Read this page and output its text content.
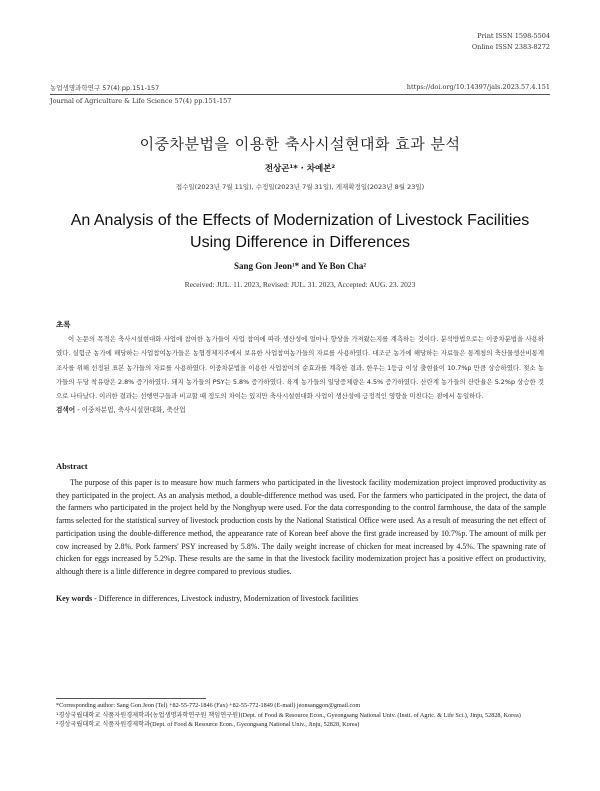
Print ISSN 1598-5504
Online ISSN 2383-8272
농업생명과학연구 57(4) pp.151-157	https://doi.org/10.14397/jals.2023.57.4.151
Journal of Agriculture & Life Science 57(4) pp.151-157
이중차분법을 이용한 축사시설현대화 효과 분석
전상곤¹* · 차예본²
접수일(2023년 7월 11일), 수정일(2023년 7월 31일), 게재확정일(2023년 8월 23일)
An Analysis of the Effects of Modernization of Livestock Facilities
Using Difference in Differences
Sang Gon Jeon¹* and Ye Bon Cha²
Received: JUL. 11. 2023, Revised: JUL. 31. 2023, Accepted: AUG. 23. 2023
초록
이 논문의 목적은 축사시설현대화 사업에 참여한 농가들이 사업 참여에 따라 생산성에 얼마나 향상을 가져왔는지를 계측하는 것이다. 분석방법으로는 이중차분법을 사용하였다. 실험군 농가에 해당하는 사업참여농가들은 농협경제지주에서 보유한 사업참여농가들의 자료를 사용하였다. 대조군 농가에 해당하는 자료들은 통계청의 축산물생산비통계 조사를 위해 선정된 표본 농가들의 자료를 사용하였다. 이중차분법을 이용한 사업참여의 순효과를 계측한 결과, 한우는 1등급 이상 출현율이 10.7%p 만큼 상승하였다. 젖소 농가들의 두당 착유량은 2.8% 증가하였다. 돼지 농가들의 PSY는 5.8% 증가하였다. 육계 농가들의 일당증체량은 4.5% 증가하였다. 산란계 농가들의 산란율은 5.2%p 상승한 것으로 나타났다. 이러한 결과는 선행연구들과 비교할 때 정도의 차이는 있지만 축사시설현대화 사업이 생산성에 긍정적인 영향을 미친다는 점에서 동일하다.
검색어 - 이중차분법, 축사시설현대화, 축산업
Abstract
The purpose of this paper is to measure how much farmers who participated in the livestock facility modernization project improved productivity as they participated in the project. As an analysis method, a double-difference method was used. For the farmers who participated in the project, the data of the farmers who participated in the project held by the Nonghyup were used. For the data corresponding to the control farmhouse, the data of the sample farms selected for the statistical survey of livestock production costs by the National Statistical Office were used. As a result of measuring the net effect of participation using the double-difference method, the appearance rate of Korean beef above the first grade increased by 10.7%p. The amount of milk per cow increased by 2.8%. Pork farmers' PSY increased by 5.8%. The daily weight increase of chicken for meat increased by 4.5%. The spawning rate of chicken for eggs increased by 5.2%p. These results are the same in that the livestock facility modernization project has a positive effect on productivity, although there is a little difference in degree compared to previous studies.
Key words - Difference in differences, Livestock industry, Modernization of livestock facilities
*Corresponding author: Sang Gon Jeon (Tel) +82-55-772-1846 (Fax) +82-55-772-1849 (E-mail) jeonsanggon@gmail.com
¹경상국립대학교 식품자원경제학과(농업생명과학연구원 책임연구원)(Dept. of Food & Resource Econ., Gyeongsang National Univ. (Insti. of Agric. & Life Sci.), Jinju, 52828, Korea)
²경상국립대학교 식품자원경제학과(Dept. of Food & Resource Econ., Gyeongsang National Univ., Jinju, 52828, Korea)
